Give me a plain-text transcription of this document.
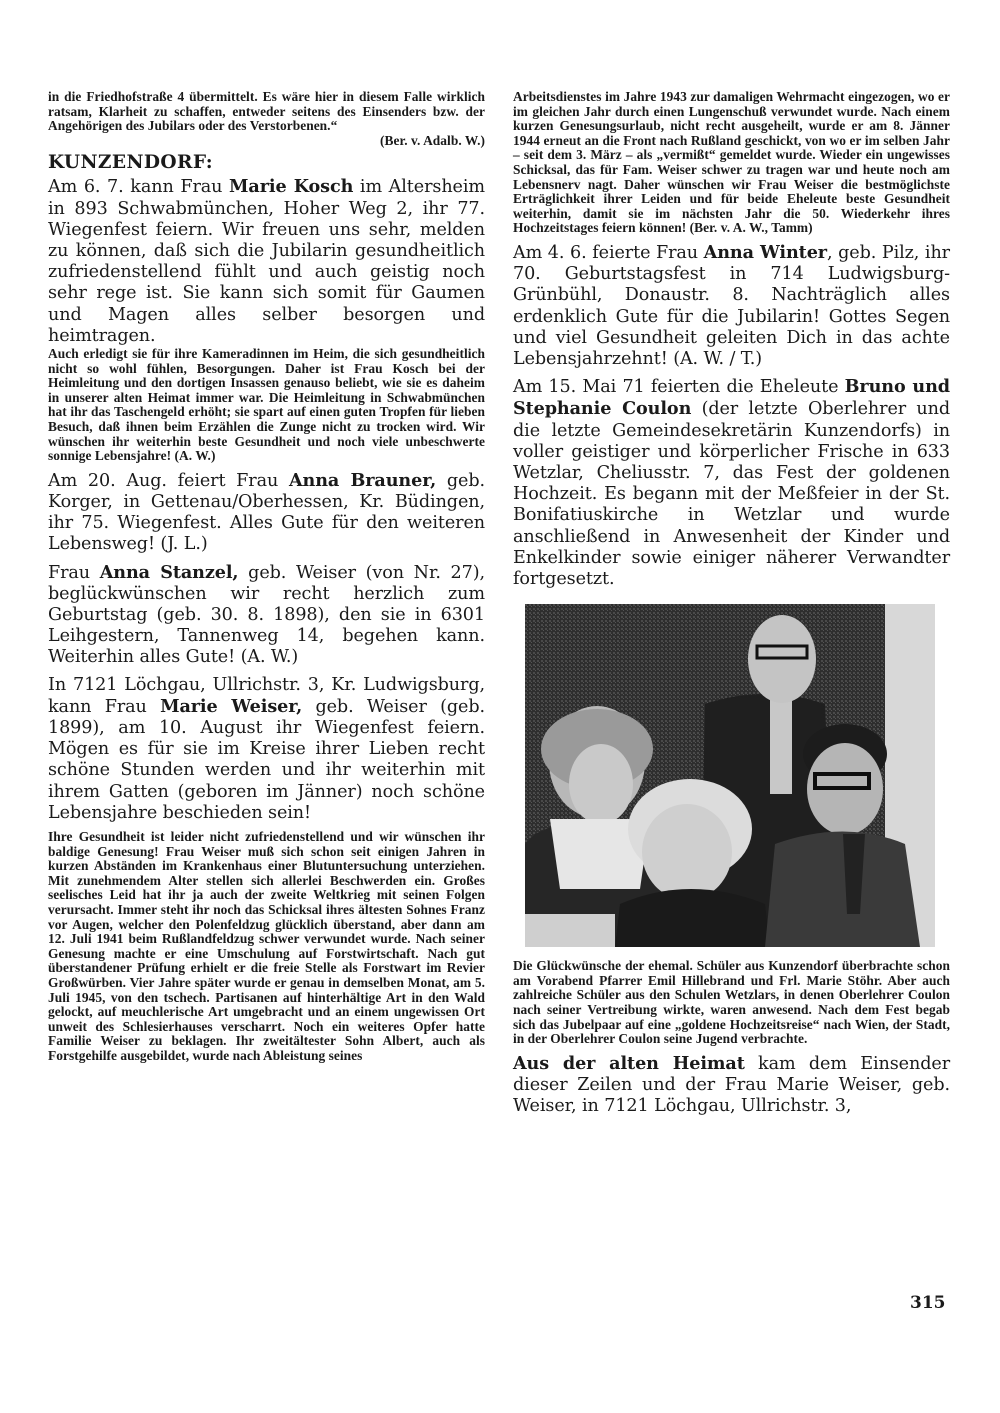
in die Friedhofstraße 4 übermittelt. Es wäre hier in diesem Falle wirklich ratsam, Klarheit zu schaffen, entweder seitens des Einsenders bzw. der Angehörigen des Jubilars oder des Verstorbenen.“

(Ber. v. Adalb. W.)

KUNZENDORF:

Am 6. 7. kann Frau Marie Kosch im Altersheim in 893 Schwabmünchen, Hoher Weg 2, ihr 77. Wiegenfest feiern. Wir freuen uns sehr, melden zu können, daß sich die Jubilarin gesundheitlich zufriedenstellend fühlt und auch geistig noch sehr rege ist. Sie kann sich somit für Gaumen und Magen alles selber besorgen und heimtragen.

Auch erledigt sie für ihre Kameradinnen im Heim, die sich gesundheitlich nicht so wohl fühlen, Besorgungen. Daher ist Frau Kosch bei der Heimleitung und den dortigen Insassen genauso beliebt, wie sie es daheim in unserer alten Heimat immer war. Die Heimleitung in Schwabmünchen hat ihr das Taschengeld erhöht; sie spart auf einen guten Tropfen für lieben Besuch, daß ihnen beim Erzählen die Zunge nicht zu trocken wird. Wir wünschen ihr weiterhin beste Gesundheit und noch viele unbeschwerte sonnige Lebensjahre! (A. W.)

Am 20. Aug. feiert Frau Anna Brauner, geb. Korger, in Gettenau/Oberhessen, Kr. Büdingen, ihr 75. Wiegenfest. Alles Gute für den weiteren Lebensweg! (J. L.)

Frau Anna Stanzel, geb. Weiser (von Nr. 27), beglückwünschen wir recht herzlich zum Geburtstag (geb. 30. 8. 1898), den sie in 6301 Leihgestern, Tannenweg 14, begehen kann. Weiterhin alles Gute! (A. W.)

In 7121 Löchgau, Ullrichstr. 3, Kr. Ludwigsburg, kann Frau Marie Weiser, geb. Weiser (geb. 1899), am 10. August ihr Wiegenfest feiern. Mögen es für sie im Kreise ihrer Lieben recht schöne Stunden werden und ihr weiterhin mit ihrem Gatten (geboren im Jänner) noch schöne Lebensjahre beschieden sein!

Ihre Gesundheit ist leider nicht zufriedenstellend und wir wünschen ihr baldige Genesung! Frau Weiser muß sich schon seit einigen Jahren in kurzen Abständen im Krankenhaus einer Blutuntersuchung unterziehen. Mit zunehmendem Alter stellen sich allerlei Beschwerden ein. Großes seelisches Leid hat ihr ja auch der zweite Weltkrieg mit seinen Folgen verursacht. Immer steht ihr noch das Schicksal ihres ältesten Sohnes Franz vor Augen, welcher den Polenfeldzug glücklich überstand, aber dann am 12. Juli 1941 beim Rußlandfeldzug schwer verwundet wurde. Nach seiner Genesung machte er eine Umschulung auf Forstwirtschaft. Nach gut überstandener Prüfung erhielt er die freie Stelle als Forstwart im Revier Großwürben. Vier Jahre später wurde er genau in demselben Monat, am 5. Juli 1945, von den tschech. Partisanen auf hinterhältige Art in den Wald gelockt, auf meuchlerische Art umgebracht und an einem ungewissen Ort unweit des Schlesierhauses verscharrt. Noch ein weiteres Opfer hatte Familie Weiser zu beklagen. Ihr zweitältester Sohn Albert, auch als Forstgehilfe ausgebildet, wurde nach Ableistung seines

Arbeitsdienstes im Jahre 1943 zur damaligen Wehrmacht eingezogen, wo er im gleichen Jahr durch einen Lungenschuß verwundet wurde. Nach einem kurzen Genesungsurlaub, nicht recht ausgeheilt, wurde er am 8. Jänner 1944 erneut an die Front nach Rußland geschickt, von wo er im selben Jahr – seit dem 3. März – als „vermißt“ gemeldet wurde. Wieder ein ungewisses Schicksal, das für Fam. Weiser schwer zu tragen war und heute noch am Lebensnerv nagt. Daher wünschen wir Frau Weiser die bestmöglichste Erträglichkeit ihrer Leiden und für beide Eheleute beste Gesundheit weiterhin, damit sie im nächsten Jahr die 50. Wiederkehr ihres Hochzeitstages feiern können! (Ber. v. A. W., Tamm)

Am 4. 6. feierte Frau Anna Winter, geb. Pilz, ihr 70. Geburtstagsfest in 714 Ludwigsburg-Grünbühl, Donaustr. 8. Nachträglich alles erdenklich Gute für die Jubilarin! Gottes Segen und viel Gesundheit geleiten Dich in das achte Lebensjahrzehnt! (A. W. / T.)

Am 15. Mai 71 feierten die Eheleute Bruno und Stephanie Coulon (der letzte Oberlehrer und die letzte Gemeindesekretärin Kunzendorfs) in voller geistiger und körperlicher Frische in 633 Wetzlar, Cheliusstr. 7, das Fest der goldenen Hochzeit. Es begann mit der Meßfeier in der St. Bonifatiuskirche in Wetzlar und wurde anschließend in Anwesenheit der Kinder und Enkelkinder sowie einiger näherer Verwandter fortgesetzt.

Die Glückwünsche der ehemal. Schüler aus Kunzendorf überbrachte schon am Vorabend Pfarrer Emil Hillebrand und Frl. Marie Stöhr. Aber auch zahlreiche Schüler aus den Schulen Wetzlars, in denen Oberlehrer Coulon nach seiner Vertreibung wirkte, waren anwesend. Nach dem Fest begab sich das Jubelpaar auf eine „goldene Hochzeitsreise“ nach Wien, der Stadt, in der Oberlehrer Coulon seine Jugend verbrachte.

Aus der alten Heimat kam dem Einsender dieser Zeilen und der Frau Marie Weiser, geb. Weiser, in 7121 Löchgau, Ullrichstr. 3,

315
